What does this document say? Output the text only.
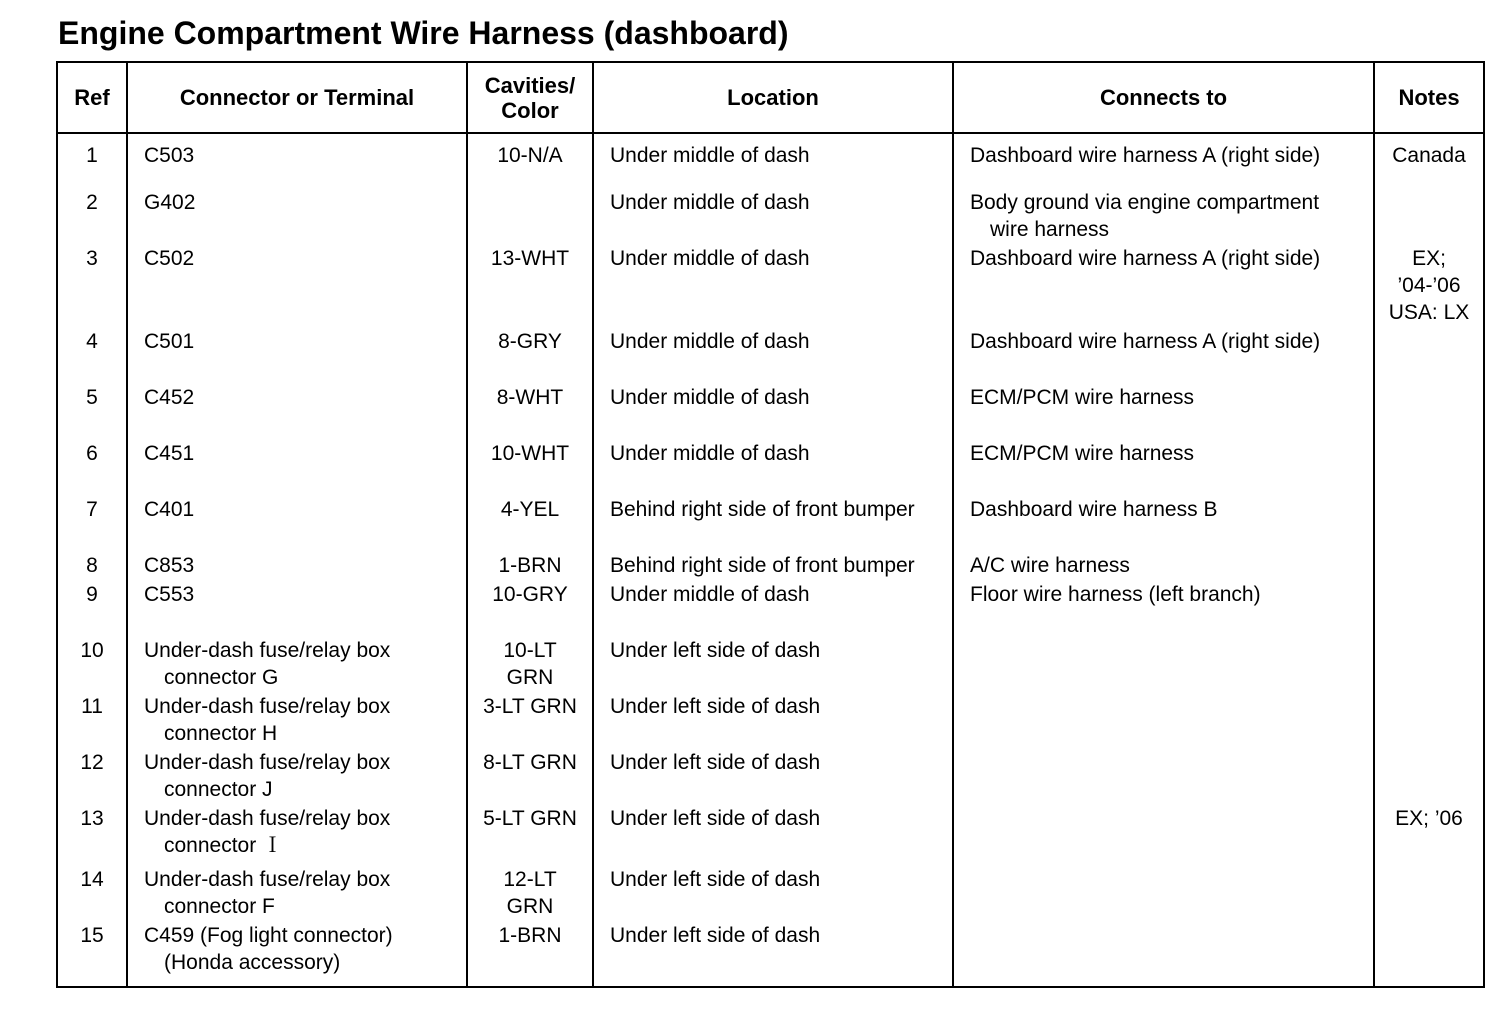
Engine Compartment Wire Harness (dashboard)
Ref	Connector or Terminal	Cavities/
Color	Location	Connects to	Notes

1	C503	10-N/A	Under middle of dash	Dashboard wire harness A (right side)	Canada

2	G402		Under middle of dash	Body ground via engine compartment
wire harness	

3	C502	13-WHT	Under middle of dash	Dashboard wire harness A (right side)	EX;
’04-’06
USA: LX

4	C501	8-GRY	Under middle of dash	Dashboard wire harness A (right side)	

5	C452	8-WHT	Under middle of dash	ECM/PCM wire harness	

6	C451	10-WHT	Under middle of dash	ECM/PCM wire harness	

7	C401	4-YEL	Behind right side of front bumper	Dashboard wire harness B	

8	C853	1-BRN	Behind right side of front bumper	A/C wire harness	

9	C553	10-GRY	Under middle of dash	Floor wire harness (left branch)	

10	Under-dash fuse/relay box
connector G	10-LT
GRN	Under left side of dash		

11	Under-dash fuse/relay box
connector H	3-LT GRN	Under left side of dash		

12	Under-dash fuse/relay box
connector J	8-LT GRN	Under left side of dash		

13	Under-dash fuse/relay box
connector Ｉ	5-LT GRN	Under left side of dash		EX; ’06

14	Under-dash fuse/relay box
connector F	12-LT
GRN	Under left side of dash		

15	C459 (Fog light connector)
(Honda accessory)	1-BRN	Under left side of dash		
